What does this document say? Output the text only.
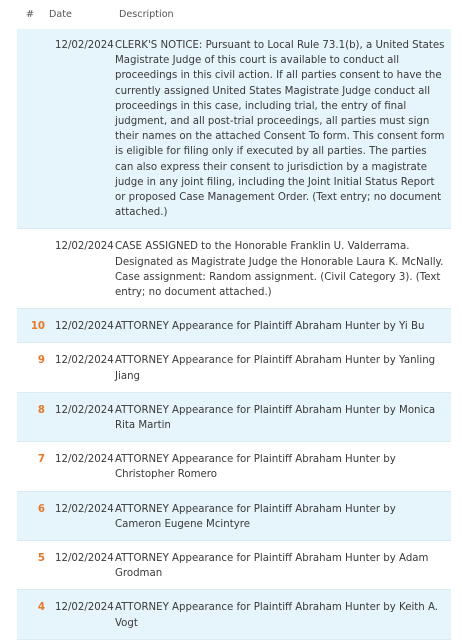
#	Date	Description
12/02/2024 CLERK'S NOTICE: Pursuant to Local Rule 73.1(b), a United States Magistrate Judge of this court is available to conduct all proceedings in this civil action. If all parties consent to have the currently assigned United States Magistrate Judge conduct all proceedings in this case, including trial, the entry of final judgment, and all post-trial proceedings, all parties must sign their names on the attached Consent To form. This consent form is eligible for filing only if executed by all parties. The parties can also express their consent to jurisdiction by a magistrate judge in any joint filing, including the Joint Initial Status Report or proposed Case Management Order. (Text entry; no document attached.)
12/02/2024 CASE ASSIGNED to the Honorable Franklin U. Valderrama. Designated as Magistrate Judge the Honorable Laura K. McNally. Case assignment: Random assignment. (Civil Category 3). (Text entry; no document attached.)
10 12/02/2024 ATTORNEY Appearance for Plaintiff Abraham Hunter by Yi Bu
9 12/02/2024 ATTORNEY Appearance for Plaintiff Abraham Hunter by Yanling Jiang
8 12/02/2024 ATTORNEY Appearance for Plaintiff Abraham Hunter by Monica Rita Martin
7 12/02/2024 ATTORNEY Appearance for Plaintiff Abraham Hunter by Christopher Romero
6 12/02/2024 ATTORNEY Appearance for Plaintiff Abraham Hunter by Cameron Eugene Mcintyre
5 12/02/2024 ATTORNEY Appearance for Plaintiff Abraham Hunter by Adam Grodman
4 12/02/2024 ATTORNEY Appearance for Plaintiff Abraham Hunter by Keith A. Vogt
